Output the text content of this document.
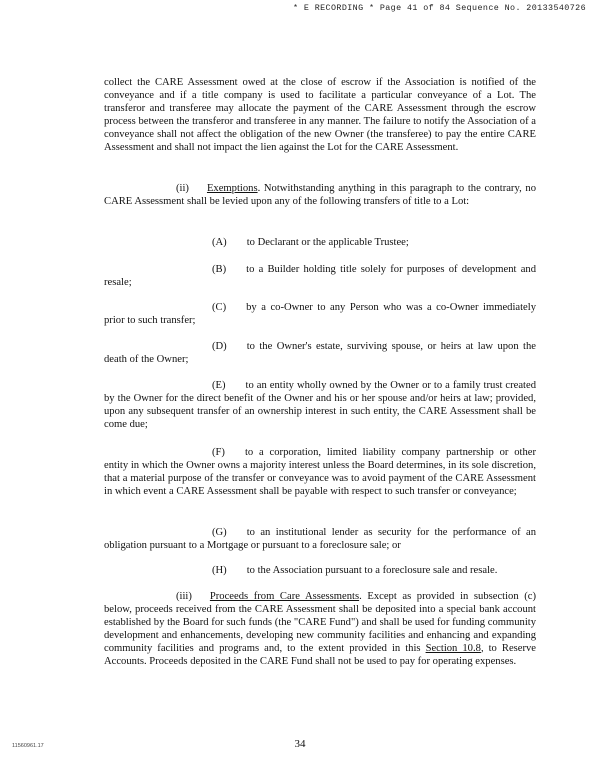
* E RECORDING * Page 41 of 84 Sequence No. 20133540726

collect the CARE Assessment owed at the close of escrow if the Association is notified of the conveyance and if a title company is used to facilitate a particular conveyance of a Lot. The transferor and transferee may allocate the payment of the CARE Assessment through the escrow process between the transferor and transferee in any manner. The failure to notify the Association of a conveyance shall not affect the obligation of the new Owner (the transferee) to pay the entire CARE Assessment and shall not impact the lien against the Lot for the CARE Assessment.

(ii) Exemptions. Notwithstanding anything in this paragraph to the contrary, no CARE Assessment shall be levied upon any of the following transfers of title to a Lot:

(A) to Declarant or the applicable Trustee;

(B) to a Builder holding title solely for purposes of development and resale;

(C) by a co-Owner to any Person who was a co-Owner immediately prior to such transfer;

(D) to the Owner's estate, surviving spouse, or heirs at law upon the death of the Owner;

(E) to an entity wholly owned by the Owner or to a family trust created by the Owner for the direct benefit of the Owner and his or her spouse and/or heirs at law; provided, upon any subsequent transfer of an ownership interest in such entity, the CARE Assessment shall be come due;

(F) to a corporation, limited liability company partnership or other entity in which the Owner owns a majority interest unless the Board determines, in its sole discretion, that a material purpose of the transfer or conveyance was to avoid payment of the CARE Assessment in which event a CARE Assessment shall be payable with respect to such transfer or conveyance;

(G) to an institutional lender as security for the performance of an obligation pursuant to a Mortgage or pursuant to a foreclosure sale; or

(H) to the Association pursuant to a foreclosure sale and resale.

(iii) Proceeds from Care Assessments. Except as provided in subsection (c) below, proceeds received from the CARE Assessment shall be deposited into a special bank account established by the Board for such funds (the "CARE Fund") and shall be used for funding community development and enhancements, developing new community facilities and enhancing and expanding community facilities and programs and, to the extent provided in this Section 10.8, to Reserve Accounts. Proceeds deposited in the CARE Fund shall not be used to pay for operating expenses.

11560961.17	34
